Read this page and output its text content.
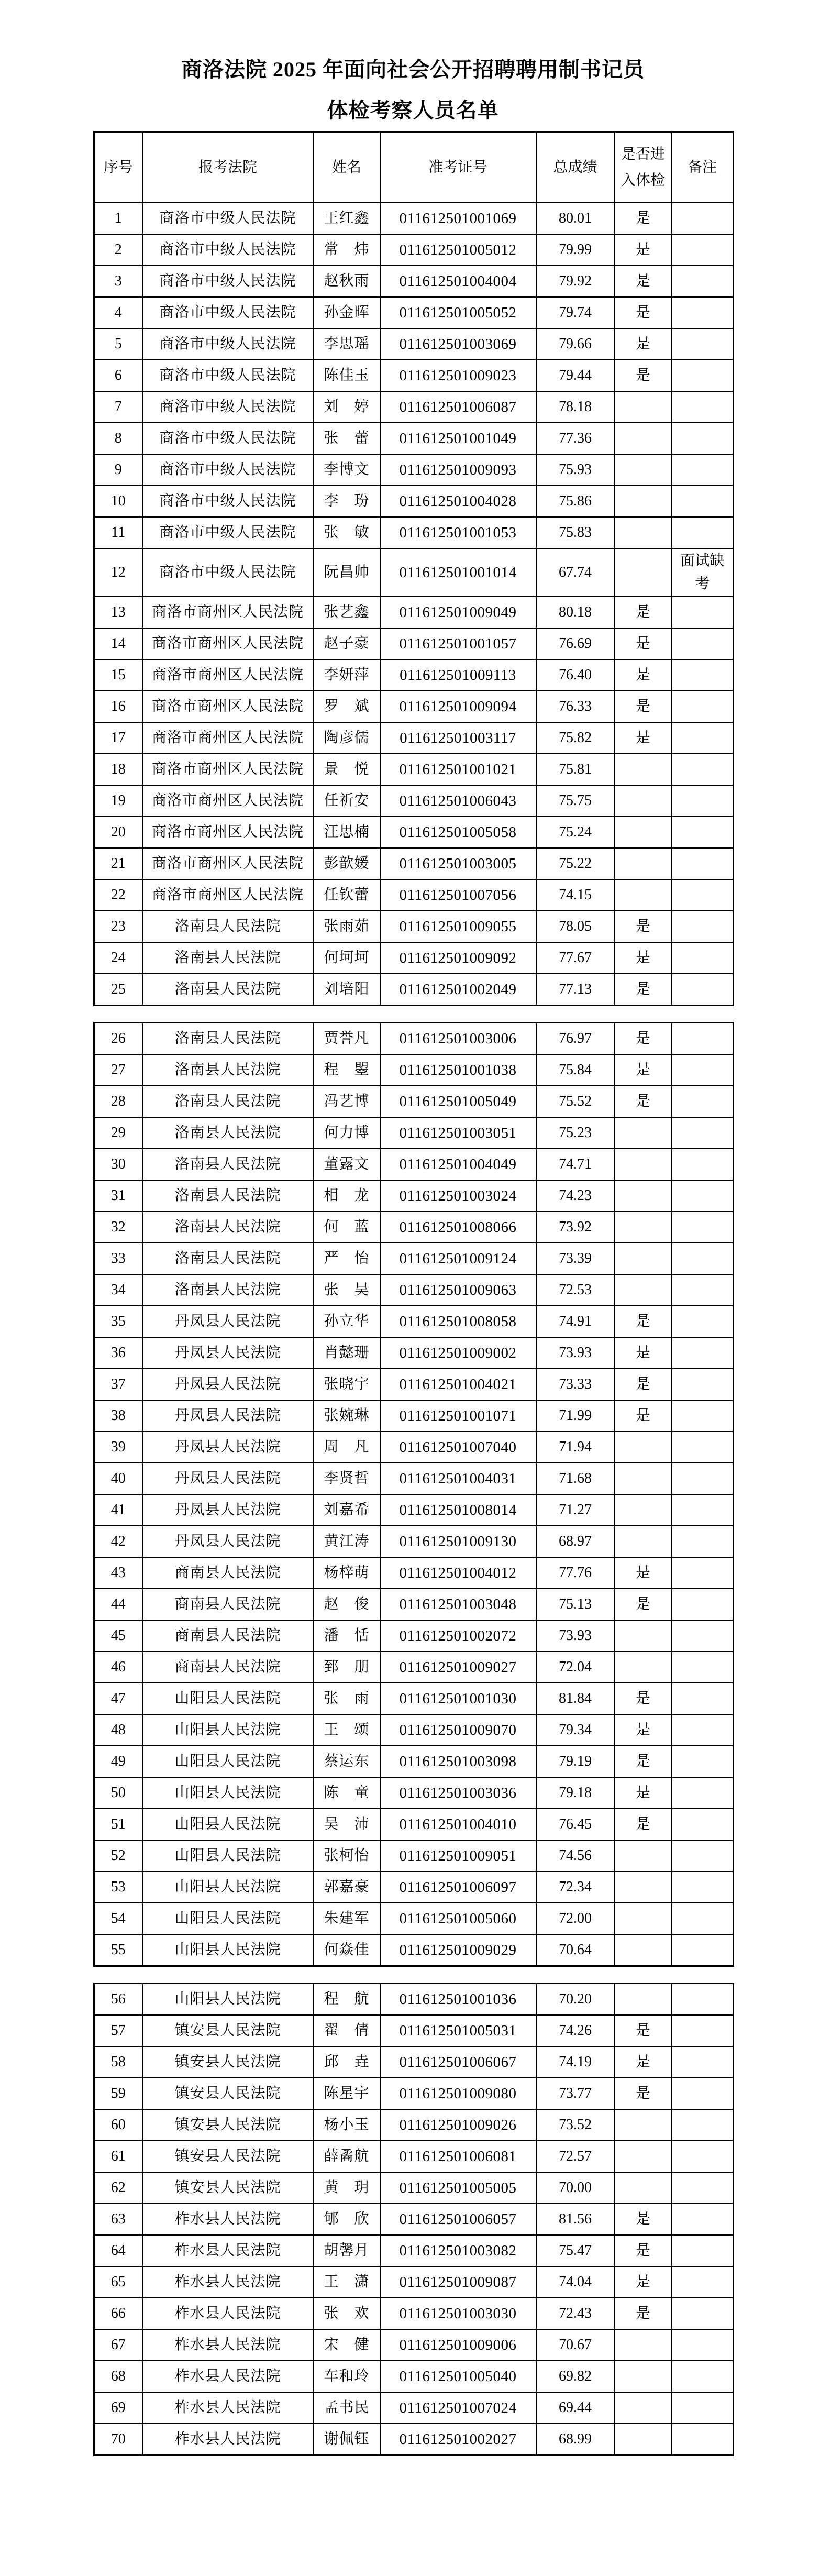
商洛法院 2025 年面向社会公开招聘聘用制书记员
体检考察人员名单
序号	报考法院	姓名	准考证号	总成绩	是否进
入体检	备注
1	商洛市中级人民法院	王红鑫	011612501001069	80.01	是	
2	商洛市中级人民法院	常　炜	011612501005012	79.99	是	
3	商洛市中级人民法院	赵秋雨	011612501004004	79.92	是	
4	商洛市中级人民法院	孙金晖	011612501005052	79.74	是	
5	商洛市中级人民法院	李思瑶	011612501003069	79.66	是	
6	商洛市中级人民法院	陈佳玉	011612501009023	79.44	是	
7	商洛市中级人民法院	刘　婷	011612501006087	78.18		
8	商洛市中级人民法院	张　蕾	011612501001049	77.36		
9	商洛市中级人民法院	李博文	011612501009093	75.93		
10	商洛市中级人民法院	李　玢	011612501004028	75.86		
11	商洛市中级人民法院	张　敏	011612501001053	75.83		
12	商洛市中级人民法院	阮昌帅	011612501001014	67.74		面试缺考
13	商洛市商州区人民法院	张艺鑫	011612501009049	80.18	是	
14	商洛市商州区人民法院	赵子豪	011612501001057	76.69	是	
15	商洛市商州区人民法院	李妍萍	011612501009113	76.40	是	
16	商洛市商州区人民法院	罗　斌	011612501009094	76.33	是	
17	商洛市商州区人民法院	陶彦儒	011612501003117	75.82	是	
18	商洛市商州区人民法院	景　悦	011612501001021	75.81		
19	商洛市商州区人民法院	任祈安	011612501006043	75.75		
20	商洛市商州区人民法院	汪思楠	011612501005058	75.24		
21	商洛市商州区人民法院	彭歆媛	011612501003005	75.22		
22	商洛市商州区人民法院	任钦蕾	011612501007056	74.15		
23	洛南县人民法院	张雨茹	011612501009055	78.05	是	
24	洛南县人民法院	何坷坷	011612501009092	77.67	是	
25	洛南县人民法院	刘培阳	011612501002049	77.13	是	
26	洛南县人民法院	贾誉凡	011612501003006	76.97	是	
27	洛南县人民法院	程　曌	011612501001038	75.84	是	
28	洛南县人民法院	冯艺博	011612501005049	75.52	是	
29	洛南县人民法院	何力博	011612501003051	75.23		
30	洛南县人民法院	董露文	011612501004049	74.71		
31	洛南县人民法院	相　龙	011612501003024	74.23		
32	洛南县人民法院	何　蓝	011612501008066	73.92		
33	洛南县人民法院	严　怡	011612501009124	73.39		
34	洛南县人民法院	张　昊	011612501009063	72.53		
35	丹凤县人民法院	孙立华	011612501008058	74.91	是	
36	丹凤县人民法院	肖懿珊	011612501009002	73.93	是	
37	丹凤县人民法院	张晓宇	011612501004021	73.33	是	
38	丹凤县人民法院	张婉琳	011612501001071	71.99	是	
39	丹凤县人民法院	周　凡	011612501007040	71.94		
40	丹凤县人民法院	李贤哲	011612501004031	71.68		
41	丹凤县人民法院	刘嘉希	011612501008014	71.27		
42	丹凤县人民法院	黄江涛	011612501009130	68.97		
43	商南县人民法院	杨梓萌	011612501004012	77.76	是	
44	商南县人民法院	赵　俊	011612501003048	75.13	是	
45	商南县人民法院	潘　恬	011612501002072	73.93		
46	商南县人民法院	郅　朋	011612501009027	72.04		
47	山阳县人民法院	张　雨	011612501001030	81.84	是	
48	山阳县人民法院	王　颂	011612501009070	79.34	是	
49	山阳县人民法院	蔡运东	011612501003098	79.19	是	
50	山阳县人民法院	陈　童	011612501003036	79.18	是	
51	山阳县人民法院	吴　沛	011612501004010	76.45	是	
52	山阳县人民法院	张柯怡	011612501009051	74.56		
53	山阳县人民法院	郭嘉豪	011612501006097	72.34		
54	山阳县人民法院	朱建军	011612501005060	72.00		
55	山阳县人民法院	何焱佳	011612501009029	70.64		
56	山阳县人民法院	程　航	011612501001036	70.20		
57	镇安县人民法院	翟　倩	011612501005031	74.26	是	
58	镇安县人民法院	邱　垚	011612501006067	74.19	是	
59	镇安县人民法院	陈星宇	011612501009080	73.77	是	
60	镇安县人民法院	杨小玉	011612501009026	73.52		
61	镇安县人民法院	薛矞航	011612501006081	72.57		
62	镇安县人民法院	黄　玥	011612501005005	70.00		
63	柞水县人民法院	郇　欣	011612501006057	81.56	是	
64	柞水县人民法院	胡馨月	011612501003082	75.47	是	
65	柞水县人民法院	王　潇	011612501009087	74.04	是	
66	柞水县人民法院	张　欢	011612501003030	72.43	是	
67	柞水县人民法院	宋　健	011612501009006	70.67		
68	柞水县人民法院	车和玲	011612501005040	69.82		
69	柞水县人民法院	孟书民	011612501007024	69.44		
70	柞水县人民法院	谢佩钰	011612501002027	68.99		
